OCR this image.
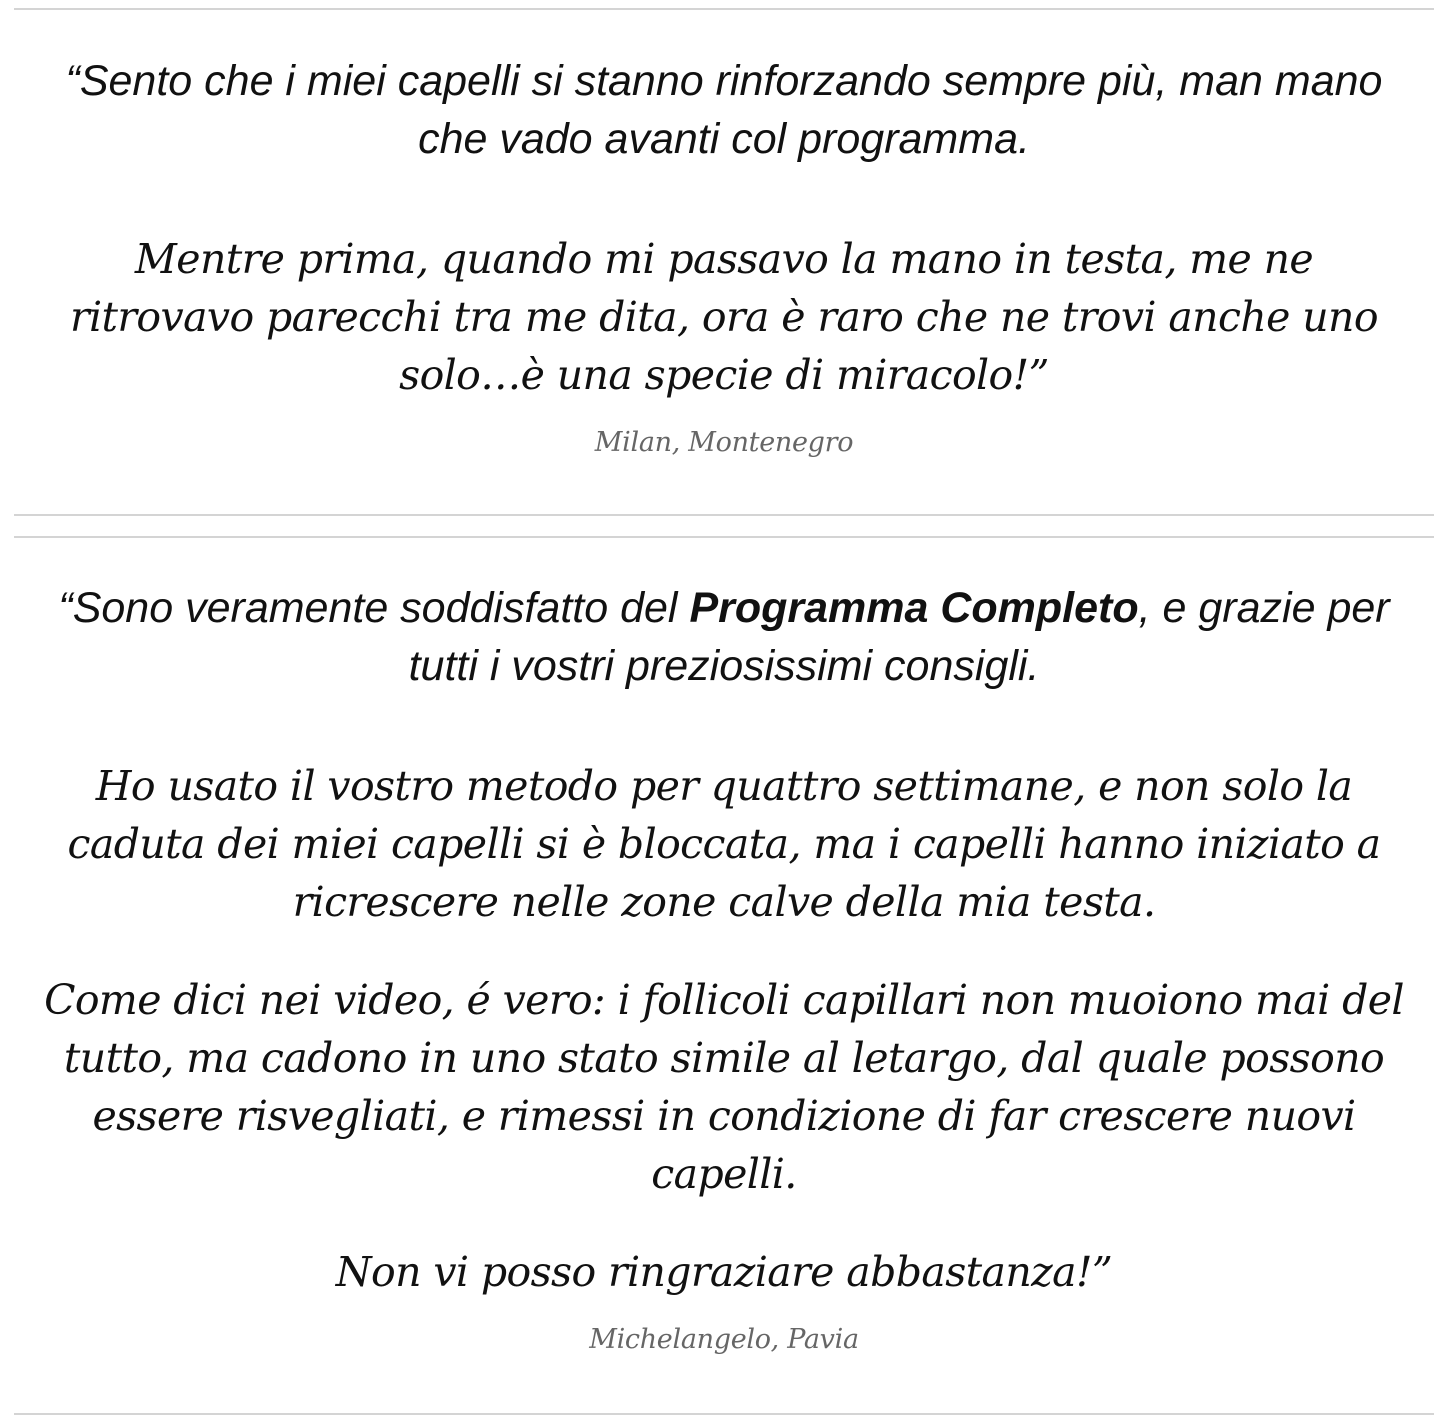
“Sento che i miei capelli si stanno rinforzando sempre più, man mano che vado avanti col programma.

Mentre prima, quando mi passavo la mano in testa, me ne ritrovavo parecchi tra me dita, ora è raro che ne trovi anche uno solo…è una specie di miracolo!”

Milan, Montenegro

“Sono veramente soddisfatto del Programma Completo, e grazie per tutti i vostri preziosissimi consigli.

Ho usato il vostro metodo per quattro settimane, e non solo la caduta dei miei capelli si è bloccata, ma i capelli hanno iniziato a ricrescere nelle zone calve della mia testa.

Come dici nei video, é vero: i follicoli capillari non muoiono mai del tutto, ma cadono in uno stato simile al letargo, dal quale possono essere risvegliati, e rimessi in condizione di far crescere nuovi capelli.

Non vi posso ringraziare abbastanza!”

Michelangelo, Pavia
